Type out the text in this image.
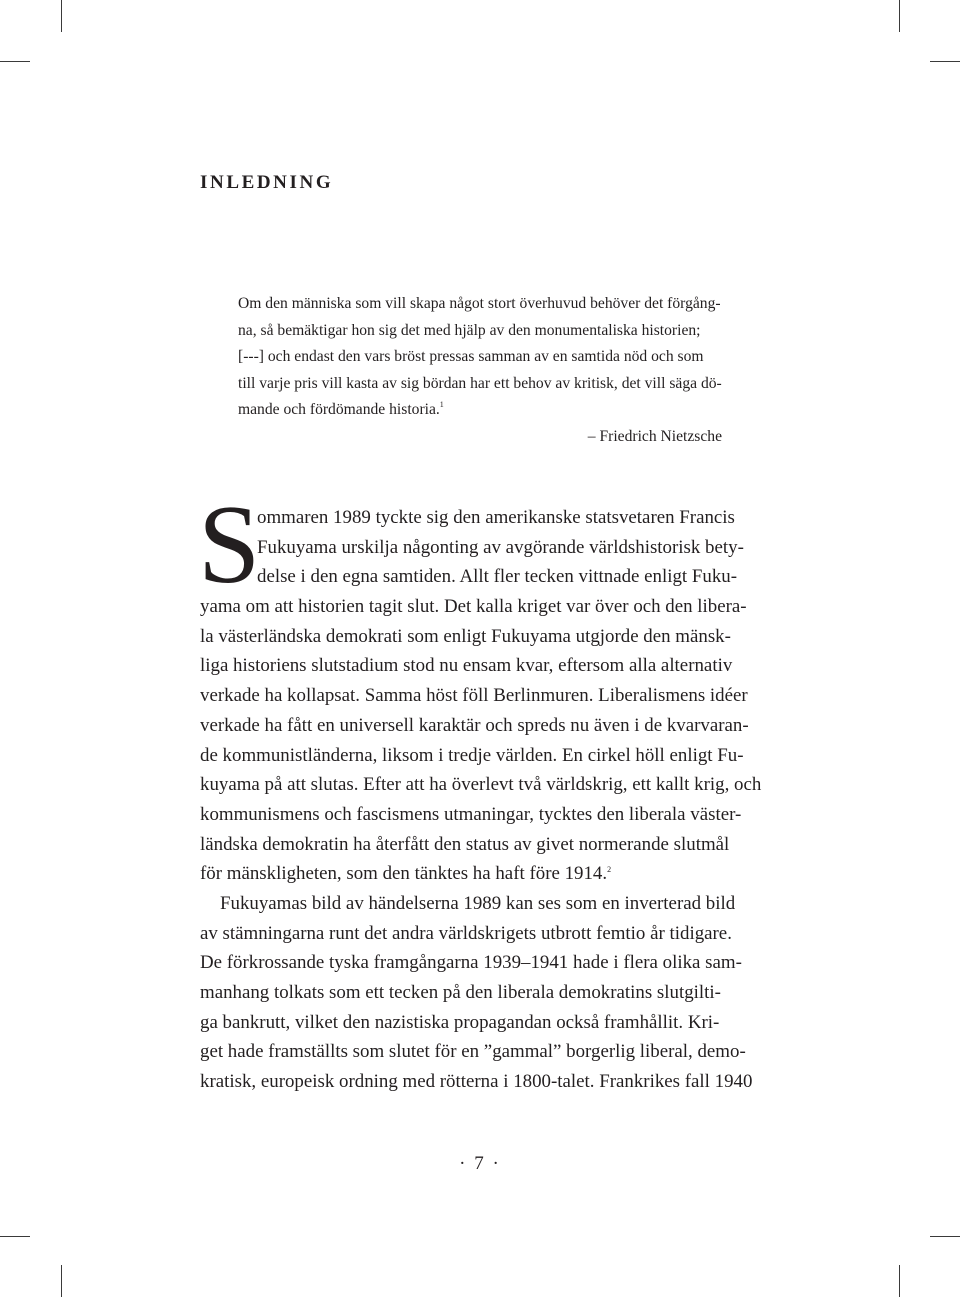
inledning
Om den människa som vill skapa något stort överhuvud behöver det förgång-
na, så bemäktigar hon sig det med hjälp av den monumentaliska historien;
[---] och endast den vars bröst pressas samman av en samtida nöd och som
till varje pris vill kasta av sig bördan har ett behov av kritisk, det vill säga dö-
mande och fördömande historia.$^1$
– Friedrich Nietzsche
S
ommaren 1989 tyckte sig den amerikanske statsvetaren Francis
Fukuyama urskilja någonting av avgörande världshistorisk bety-
delse i den egna samtiden. Allt fler tecken vittnade enligt Fuku-
yama om att historien tagit slut. Det kalla kriget var över och den libera-
la västerländska demokrati som enligt Fukuyama utgjorde den mänsk-
liga historiens slutstadium stod nu ensam kvar, eftersom alla alternativ
verkade ha kollapsat. Samma höst föll Berlinmuren. Liberalismens idéer
verkade ha fått en universell karaktär och spreds nu även i de kvarvaran-
de kommunistländerna, liksom i tredje världen. En cirkel höll enligt Fu-
kuyama på att slutas. Efter att ha överlevt två världskrig, ett kallt krig, och
kommunismens och fascismens utmaningar, tycktes den liberala väster-
ländska demokratin ha återfått den status av givet normerande slutmål
för mänskligheten, som den tänktes ha haft före 1914.$^2$
Fukuyamas bild av händelserna 1989 kan ses som en inverterad bild
av stämningarna runt det andra världskrigets utbrott femtio år tidigare.
De förkrossande tyska framgångarna 1939–1941 hade i flera olika sam-
manhang tolkats som ett tecken på den liberala demokratins slutgilti-
ga bankrutt, vilket den nazistiska propagandan också framhållit. Kri-
get hade framställts som slutet för en ”gammal” borgerlig liberal, demo-
kratisk, europeisk ordning med rötterna i 1800-talet. Frankrikes fall 1940
· 7 ·
